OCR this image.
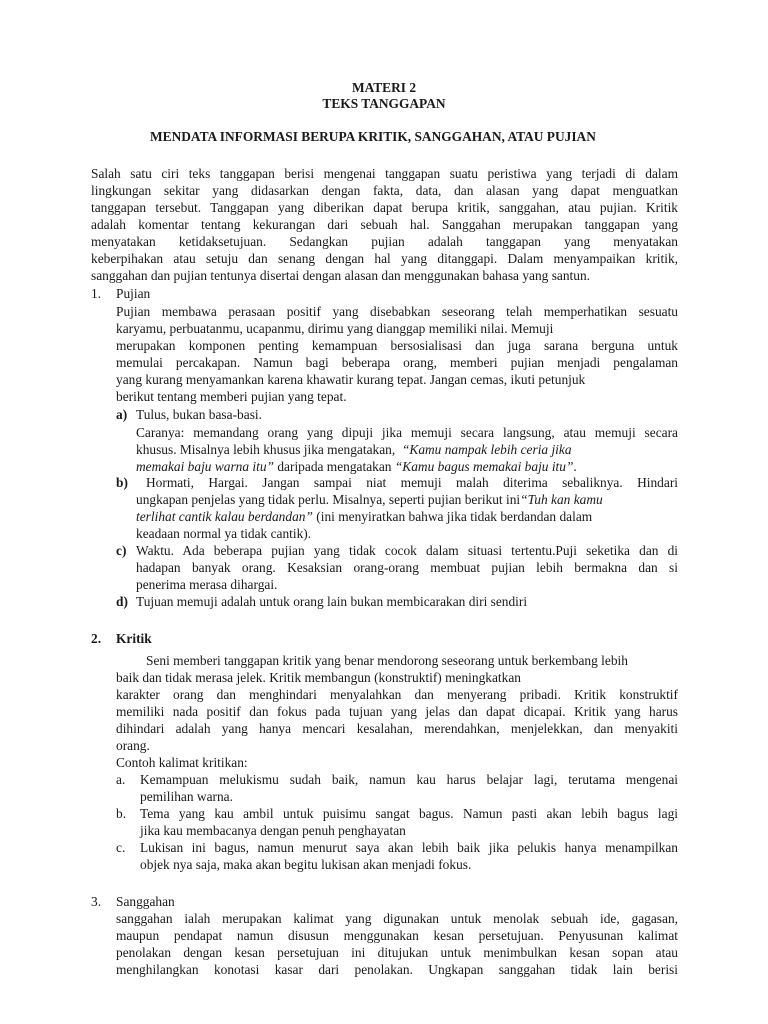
MATERI 2
TEKS TANGGAPAN
MENDATA INFORMASI BERUPA KRITIK, SANGGAHAN, ATAU PUJIAN
Salah satu ciri teks tanggapan berisi mengenai tanggapan suatu peristiwa yang terjadi di dalam
lingkungan sekitar yang didasarkan dengan fakta, data, dan alasan yang dapat menguatkan
tanggapan tersebut. Tanggapan yang diberikan dapat berupa kritik, sanggahan, atau pujian. Kritik
adalah komentar tentang kekurangan dari sebuah hal. Sanggahan merupakan tanggapan yang
menyatakan ketidaksetujuan. Sedangkan pujian adalah tanggapan yang menyatakan
keberpihakan atau setuju dan senang dengan hal yang ditanggapi. Dalam menyampaikan kritik,
sanggahan dan pujian tentunya disertai dengan alasan dan menggunakan bahasa yang santun.
1. Pujian
Pujian membawa perasaan positif yang disebabkan seseorang telah memperhatikan sesuatu
karyamu, perbuatanmu, ucapanmu, dirimu yang dianggap memiliki nilai. Memuji
merupakan komponen penting kemampuan bersosialisasi dan juga sarana berguna untuk
memulai percakapan. Namun bagi beberapa orang, memberi pujian menjadi pengalaman
yang kurang menyamankan karena khawatir kurang tepat. Jangan cemas, ikuti petunjuk
berikut tentang memberi pujian yang tepat.
a) Tulus, bukan basa-basi.
Caranya: memandang orang yang dipuji jika memuji secara langsung, atau memuji secara
khusus. Misalnya lebih khusus jika mengatakan, “Kamu nampak lebih ceria jika
memakai baju warna itu” daripada mengatakan “Kamu bagus memakai baju itu”.
b) Hormati, Hargai. Jangan sampai niat memuji malah diterima sebaliknya. Hindari
ungkapan penjelas yang tidak perlu. Misalnya, seperti pujian berikut ini“Tuh kan kamu
terlihat cantik kalau berdandan” (ini menyiratkan bahwa jika tidak berdandan dalam
keadaan normal ya tidak cantik).
c) Waktu. Ada beberapa pujian yang tidak cocok dalam situasi tertentu.Puji seketika dan di
hadapan banyak orang. Kesaksian orang-orang membuat pujian lebih bermakna dan si
penerima merasa dihargai.
d) Tujuan memuji adalah untuk orang lain bukan membicarakan diri sendiri
2. Kritik
Seni memberi tanggapan kritik yang benar mendorong seseorang untuk berkembang lebih
baik dan tidak merasa jelek. Kritik membangun (konstruktif) meningkatkan
karakter orang dan menghindari menyalahkan dan menyerang pribadi. Kritik konstruktif
memiliki nada positif dan fokus pada tujuan yang jelas dan dapat dicapai. Kritik yang harus
dihindari adalah yang hanya mencari kesalahan, merendahkan, menjelekkan, dan menyakiti
orang.
Contoh kalimat kritikan:
a. Kemampuan melukismu sudah baik, namun kau harus belajar lagi, terutama mengenai
pemilihan warna.
b. Tema yang kau ambil untuk puisimu sangat bagus. Namun pasti akan lebih bagus lagi
jika kau membacanya dengan penuh penghayatan
c. Lukisan ini bagus, namun menurut saya akan lebih baik jika pelukis hanya menampilkan
objek nya saja, maka akan begitu lukisan akan menjadi fokus.
3. Sanggahan
sanggahan ialah merupakan kalimat yang digunakan untuk menolak sebuah ide, gagasan,
maupun pendapat namun disusun menggunakan kesan persetujuan. Penyusunan kalimat
penolakan dengan kesan persetujuan ini ditujukan untuk menimbulkan kesan sopan atau
menghilangkan konotasi kasar dari penolakan. Ungkapan sanggahan tidak lain berisi
